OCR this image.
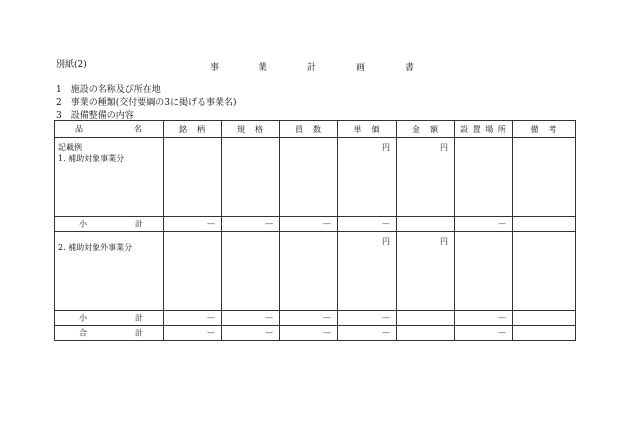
別紙(2)	事	業	計	画	書
1　施設の名称及び所在地
2　事業の種類(交付要綱の3に掲げる事業名)
3　設備整備の内容
品 名	銘　柄	規　格	員　数	単　価	金　額	設 置 場 所	備　考

記載例
1. 補助対象事業分				円	円		

小 計	—	—	—	—		—	
2. 補助対象外事業分				円	円		

小 計	—	—	—	—		—	

合 計	—	—	—	—		—	
